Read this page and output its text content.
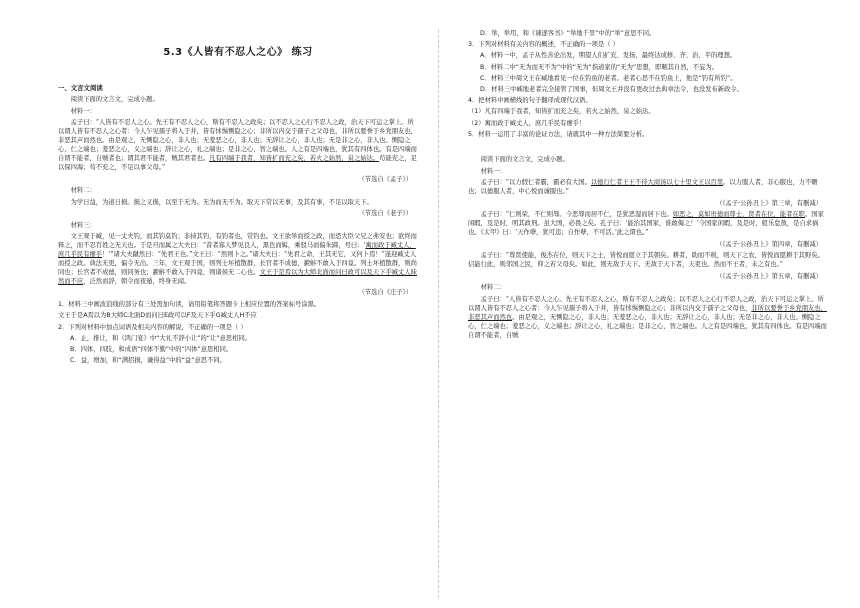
5.3《人皆有不忍人之心》 练习
一、文言文阅读

阅读下面的文言文，完成小题。

材料一：

孟子曰：“人皆有不忍人之心。先王有不忍人之心，斯有不忍人之政矣；以不忍人之心行不忍人之政，治天下可运之掌上。所以谓人皆有不忍人之心者：今人乍见孺子将入于井，皆有怵惕恻隐之心；非所以内交于孺子之父母也，非所以要誉于乡党朋友也，非恶其声而然也。由是观之，无恻隐之心，非人也；无羞恶之心，非人也；无辞让之心，非人也；无是非之心，非人也。恻隐之心，仁之端也；羞恶之心，义之端也；辞让之心，礼之端也；是非之心，智之端也。人之有是四端也，犹其有四体也。有是四端而自谓不能者，自贼者也；谓其君不能者，贼其君者也。凡有四端于我者，知皆扩而充之矣，若火之始然，泉之始达。苟能充之，足以保四海；苟不充之，不足以事父母。”

（节选自《孟子》）

材料二：

为学日益，为道日损。损之又损，以至于无为。无为而无不为。取天下常以无事，及其有事，不足以取天下。

（节选自《老子》）

材料三：

文王观于臧，见一丈夫钓，而其钓莫钓；非持其钓，有钓者也，常钓也。文王欲举而授之政，而恐大臣父兄之弗安也；欲终而释之，而不忍百姓之无天也。于是旦而属之大夫曰：“昔者寡人梦见良人，黑色而髯，乘驳马而偏朱蹄，号曰：‘寓而政于臧丈人，庶几乎民有瘳乎！’”诸大夫蹴然曰：“先君王也。”文王曰：“然则卜之。”诸大夫曰：“先君之命，王其无它，又何卜焉！”遂迎臧丈人而授之政。典法无更，偏令无出。三年，文王观于国，则列士坏植散群，长官者不成德，斔斛不敢入于四竟。列士坏植散群，则尚同也；长官者不成德，则同务也；斔斛不敢入于四竟，则诸侯无二心也。文王于是焉以为大师北面而问曰政可以及天下乎臧丈人昧然而不应，泛然而辞，朝令而夜遁，终身无闻。

（节选自《庄子》）

1．材料三中画波浪线的部分有三处需加句读，请用铅笔将答题卡上相应位置的答案标号涂黑。

文王于是A焉以为B大师C北面D而问曰E政可以F及天下乎G臧丈人H不应

2．下列对材料中加点词语及相关内容的解说，不正确的一项是（ ）

A．止，推让，和《鸿门宴》中“大礼不辞小让”的“让”意思相同。

B．四体，四肢，和成语“四体不勤”中的“四体”意思相同。

C．益，增加，和“满招损，谦得益”中的“益”意思不同。

D．举，举用，和《谏逐客书》“举地千里”中的“举”意思不同。

3．下列对材料有关内容的概述，不正确的一项是（ ）

A．材料一中，孟子从性善论出发，期望人们扩充、发扬，最终达成修、齐、治、平的理想。

B．材料二中“无为而无不为”中的“无为”指道家的“无为”思想，即顺其自然，不妄为。

C．材料三中周文王在臧地看见一位在钓鱼的老者。老者心思不在钓鱼上，他是“钓有所钓”。

D．材料三中臧地老者完全接管了国事，但周文王并没有更改过去典章法令，也没发布新政令。

4．把材料中画横线的句子翻译成现代汉语。

（1）凡有四端于我者，知皆扩而充之矣，若火之始然，泉之始达。

（2）寓而政于臧丈人，庶几乎民有瘳乎！

5．材料一运用了丰富的论证方法，请就其中一种方法简要分析。

阅读下面的文言文，完成小题。

材料一：

孟子曰：“以力假仁者霸，霸必有大国。以德行仁者王王不待大商汤以七十里文王以百里。以力服人者，非心服也，力不赡也；以德服人者，中心悦而诚服也。”

（《孟子·公孙丑上》第三章，有删减）

孟子曰：“仁则荣，不仁则辱。今恶辱而居不仁，是犹恶湿而居下也。如恶之，莫如贵德而尊士，贤者在位，能者在职。国家闲暇，及是时，明其政刑。虽大国，必畏之矣。孔子曰：‘能治其国家，谁敢侮之！’今国家闲暇，及是时，般乐怠敖，是自求祸也。《太甲》曰：‘天作孽，犹可违；自作孽，不可活。’此之谓也。”

（《孟子·公孙丑上》第四章，有删减）

孟子曰：“尊贤使能，俊杰在位，则天下之士，皆悦而愿立于其朝矣。耕者，助而不税，则天下之农，皆悦而愿耕于其野矣。信能行此，则邻国之民，仰之若父母矣。如此，则无敌于天下。无敌于天下者，天吏也。然而不王者，未之有也。”

（《孟子·公孙丑上》第五章，有删减）

材料二：

孟子曰：“人皆有不忍人之心。先王有不忍人之心，斯有不忍人之政矣；以不忍人之心行不忍人之政，治天下可运之掌上。所以谓人皆有不忍人之心者：今人乍见孺子将入于井，皆有怵惕恻隐之心；非所以内交于孺子之父母也，非所以要誉于乡党朋友也，非恶其声而然也。由是观之，无恻隐之心，非人也；无羞恶之心，非人也；无辞让之心，非人也；无是非之心，非人也。恻隐之心，仁之端也；羞恶之心，义之端也；辞让之心，礼之端也；是非之心，智之端也。人之有是四端也，犹其有四体也。有是四端而自谓不能者，自贼
